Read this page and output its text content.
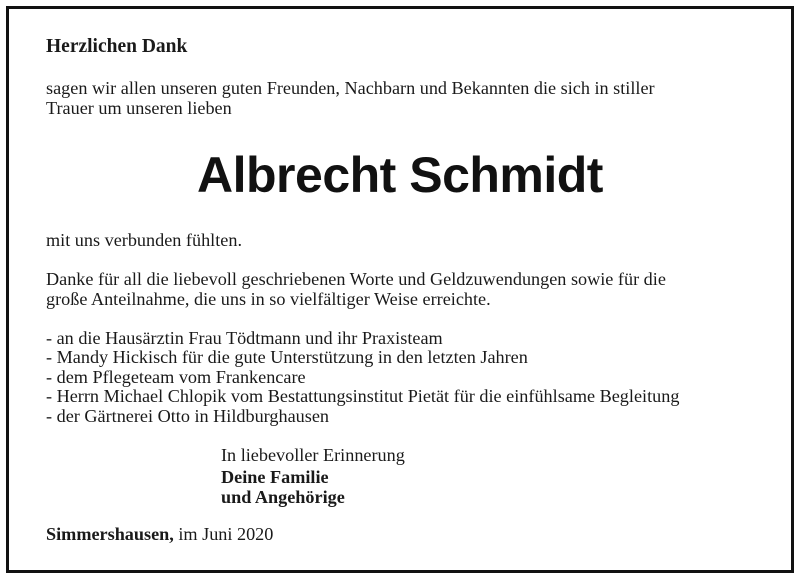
Herzlichen Dank
sagen wir allen unseren guten Freunden, Nachbarn und Bekannten die sich in stiller
Trauer um unseren lieben
Albrecht Schmidt
mit uns verbunden fühlten.
Danke für all die liebevoll geschriebenen Worte und Geldzuwendungen sowie für die
große Anteilnahme, die uns in so vielfältiger Weise erreichte.
- an die Hausärztin Frau Tödtmann und ihr Praxisteam
- Mandy Hickisch für die gute Unterstützung in den letzten Jahren
- dem Pflegeteam vom Frankencare
- Herrn Michael Chlopik vom Bestattungsinstitut Pietät für die einfühlsame Begleitung
- der Gärtnerei Otto in Hildburghausen
In liebevoller Erinnerung
Deine Familie
und Angehörige
Simmershausen, im Juni 2020
